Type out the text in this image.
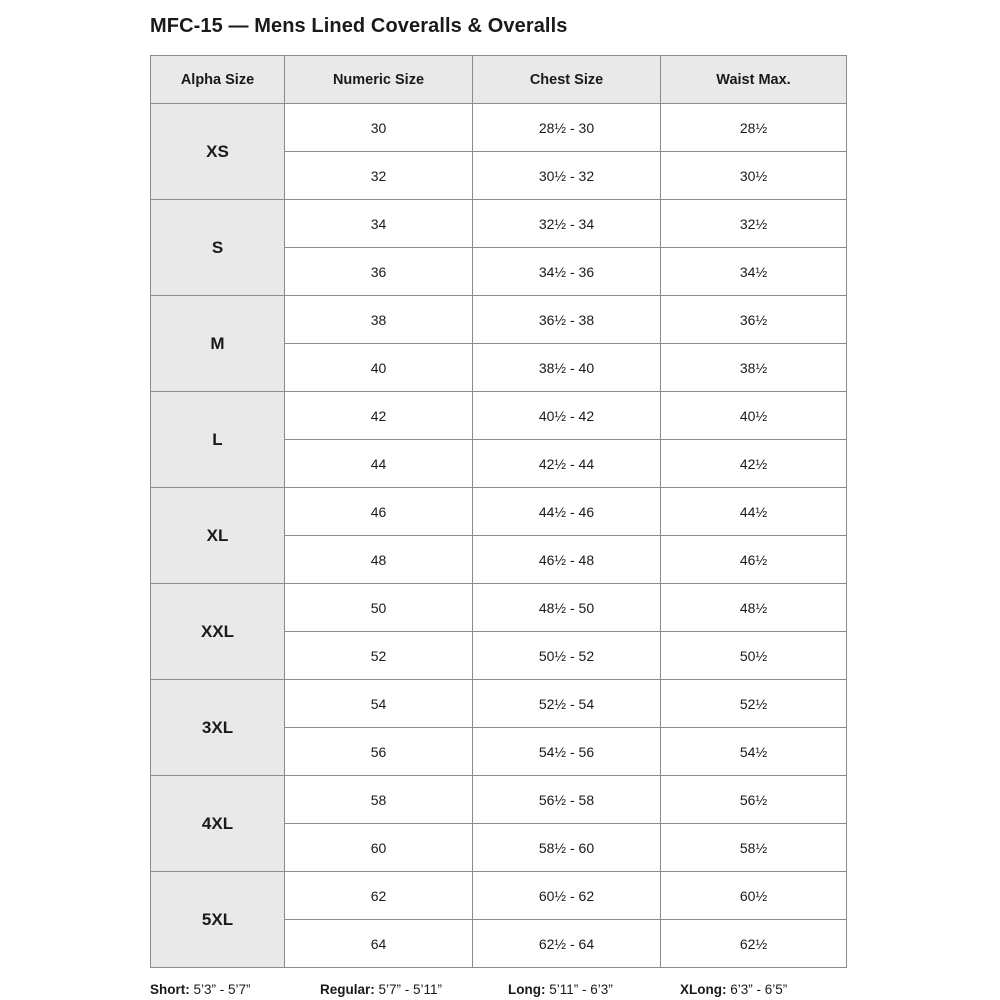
MFC-15 — Mens Lined Coveralls & Overalls
Alpha Size	Numeric Size	Chest Size	Waist Max.
XS	30	28½ - 30	28½
	32	30½ - 32	30½
S	34	32½ - 34	32½
	36	34½ - 36	34½
M	38	36½ - 38	36½
	40	38½ - 40	38½
L	42	40½ - 42	40½
	44	42½ - 44	42½
XL	46	44½ - 46	44½
	48	46½ - 48	46½
XXL	50	48½ - 50	48½
	52	50½ - 52	50½
3XL	54	52½ - 54	52½
	56	54½ - 56	54½
4XL	58	56½ - 58	56½
	60	58½ - 60	58½
5XL	62	60½ - 62	60½
	64	62½ - 64	62½
Short: 5’3” - 5’7”	Regular: 5’7” - 5’11”	Long: 5’11” - 6’3”	XLong: 6’3” - 6’5”
